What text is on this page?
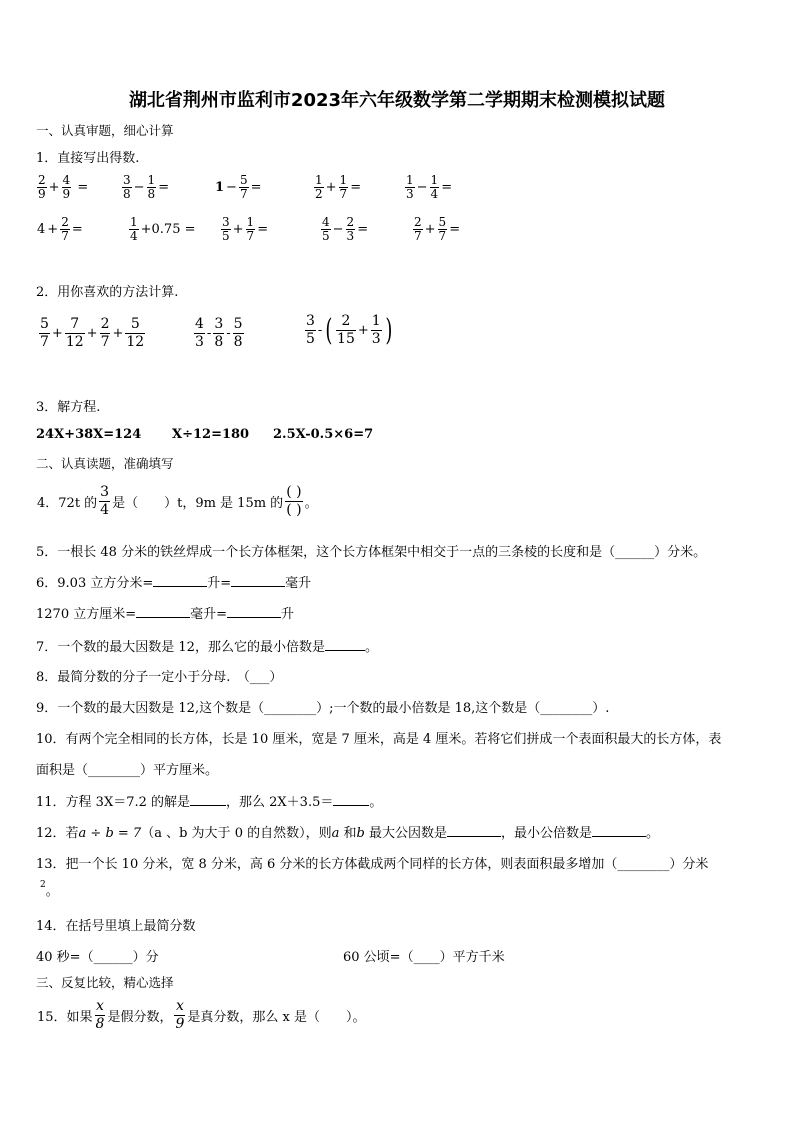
湖北省荆州市监利市2023年六年级数学第二学期期末检测模拟试题
一、认真审题，细心计算
1．直接写出得数.
$\frac{2}{9} + \frac{4}{9}$ =	$\frac{3}{8} - \frac{1}{8}$ =	$1 - \frac{5}{7}$ =	$\frac{1}{2} + \frac{1}{7}$ =	$\frac{1}{3} - \frac{1}{4}$ =
$4 + \frac{2}{7}$ =	$\frac{1}{4} +0.75 = \frac{3}{5} + \frac{1}{7}$ =	$\frac{4}{5} - \frac{2}{3}$ =	$\frac{2}{7} + \frac{5}{7}$ =
2．用你喜欢的方法计算.
$\frac{5}{7} + \frac{7}{12} + \frac{2}{7} + \frac{5}{12}$	$\frac{4}{3} - \frac{3}{8} - \frac{5}{8}$	$\frac{3}{5}$ - ( $\frac{2}{15} + \frac{1}{3}$ )
3．解方程.
24X+38X=124 X÷12=180 2.5X-0.5×6=7
二、认真读题，准确填写
4．72t 的 $\frac{3}{4}$ 是（　　）t，9m 是 15m 的 $\frac{( )}{( )}$ 。
5．一根长 48 分米的铁丝焊成一个长方体框架，这个长方体框架中相交于一点的三条棱的长度和是（______）分米。
6．9.03 立方分米=	升=	毫升
1270 立方厘米=	毫升=	升
7．一个数的最大因数是 12，那么它的最小倍数是	。
8．最简分数的分子一定小于分母.　（___）
9．一个数的最大因数是 12,这个数是（________）;一个数的最小倍数是 18,这个数是（________）.
10．有两个完全相同的长方体，长是 10 厘米，宽是 7 厘米，高是 4 厘米。若将它们拼成一个表面积最大的长方体，表
面积是（________）平方厘米。
11．方程 3X＝7.2 的解是	，那么 2X＋3.5＝	。
12．若a ÷ b = 7（a 、b 为大于 0 的自然数），则a 和b 最大公因数是	，最小公倍数是	。
13．把一个长 10 分米，宽 8 分米，高 6 分米的长方体截成两个同样的长方体，则表面积最多增加（________）分米
$^2$。
14．在括号里填上最简分数
40 秒=（______）分	60 公顷=（____）平方千米
三、反复比较，精心选择
15．如果 $\frac{x}{8}$ 是假分数， $\frac{x}{9}$ 是真分数，那么 x 是（　　）。
